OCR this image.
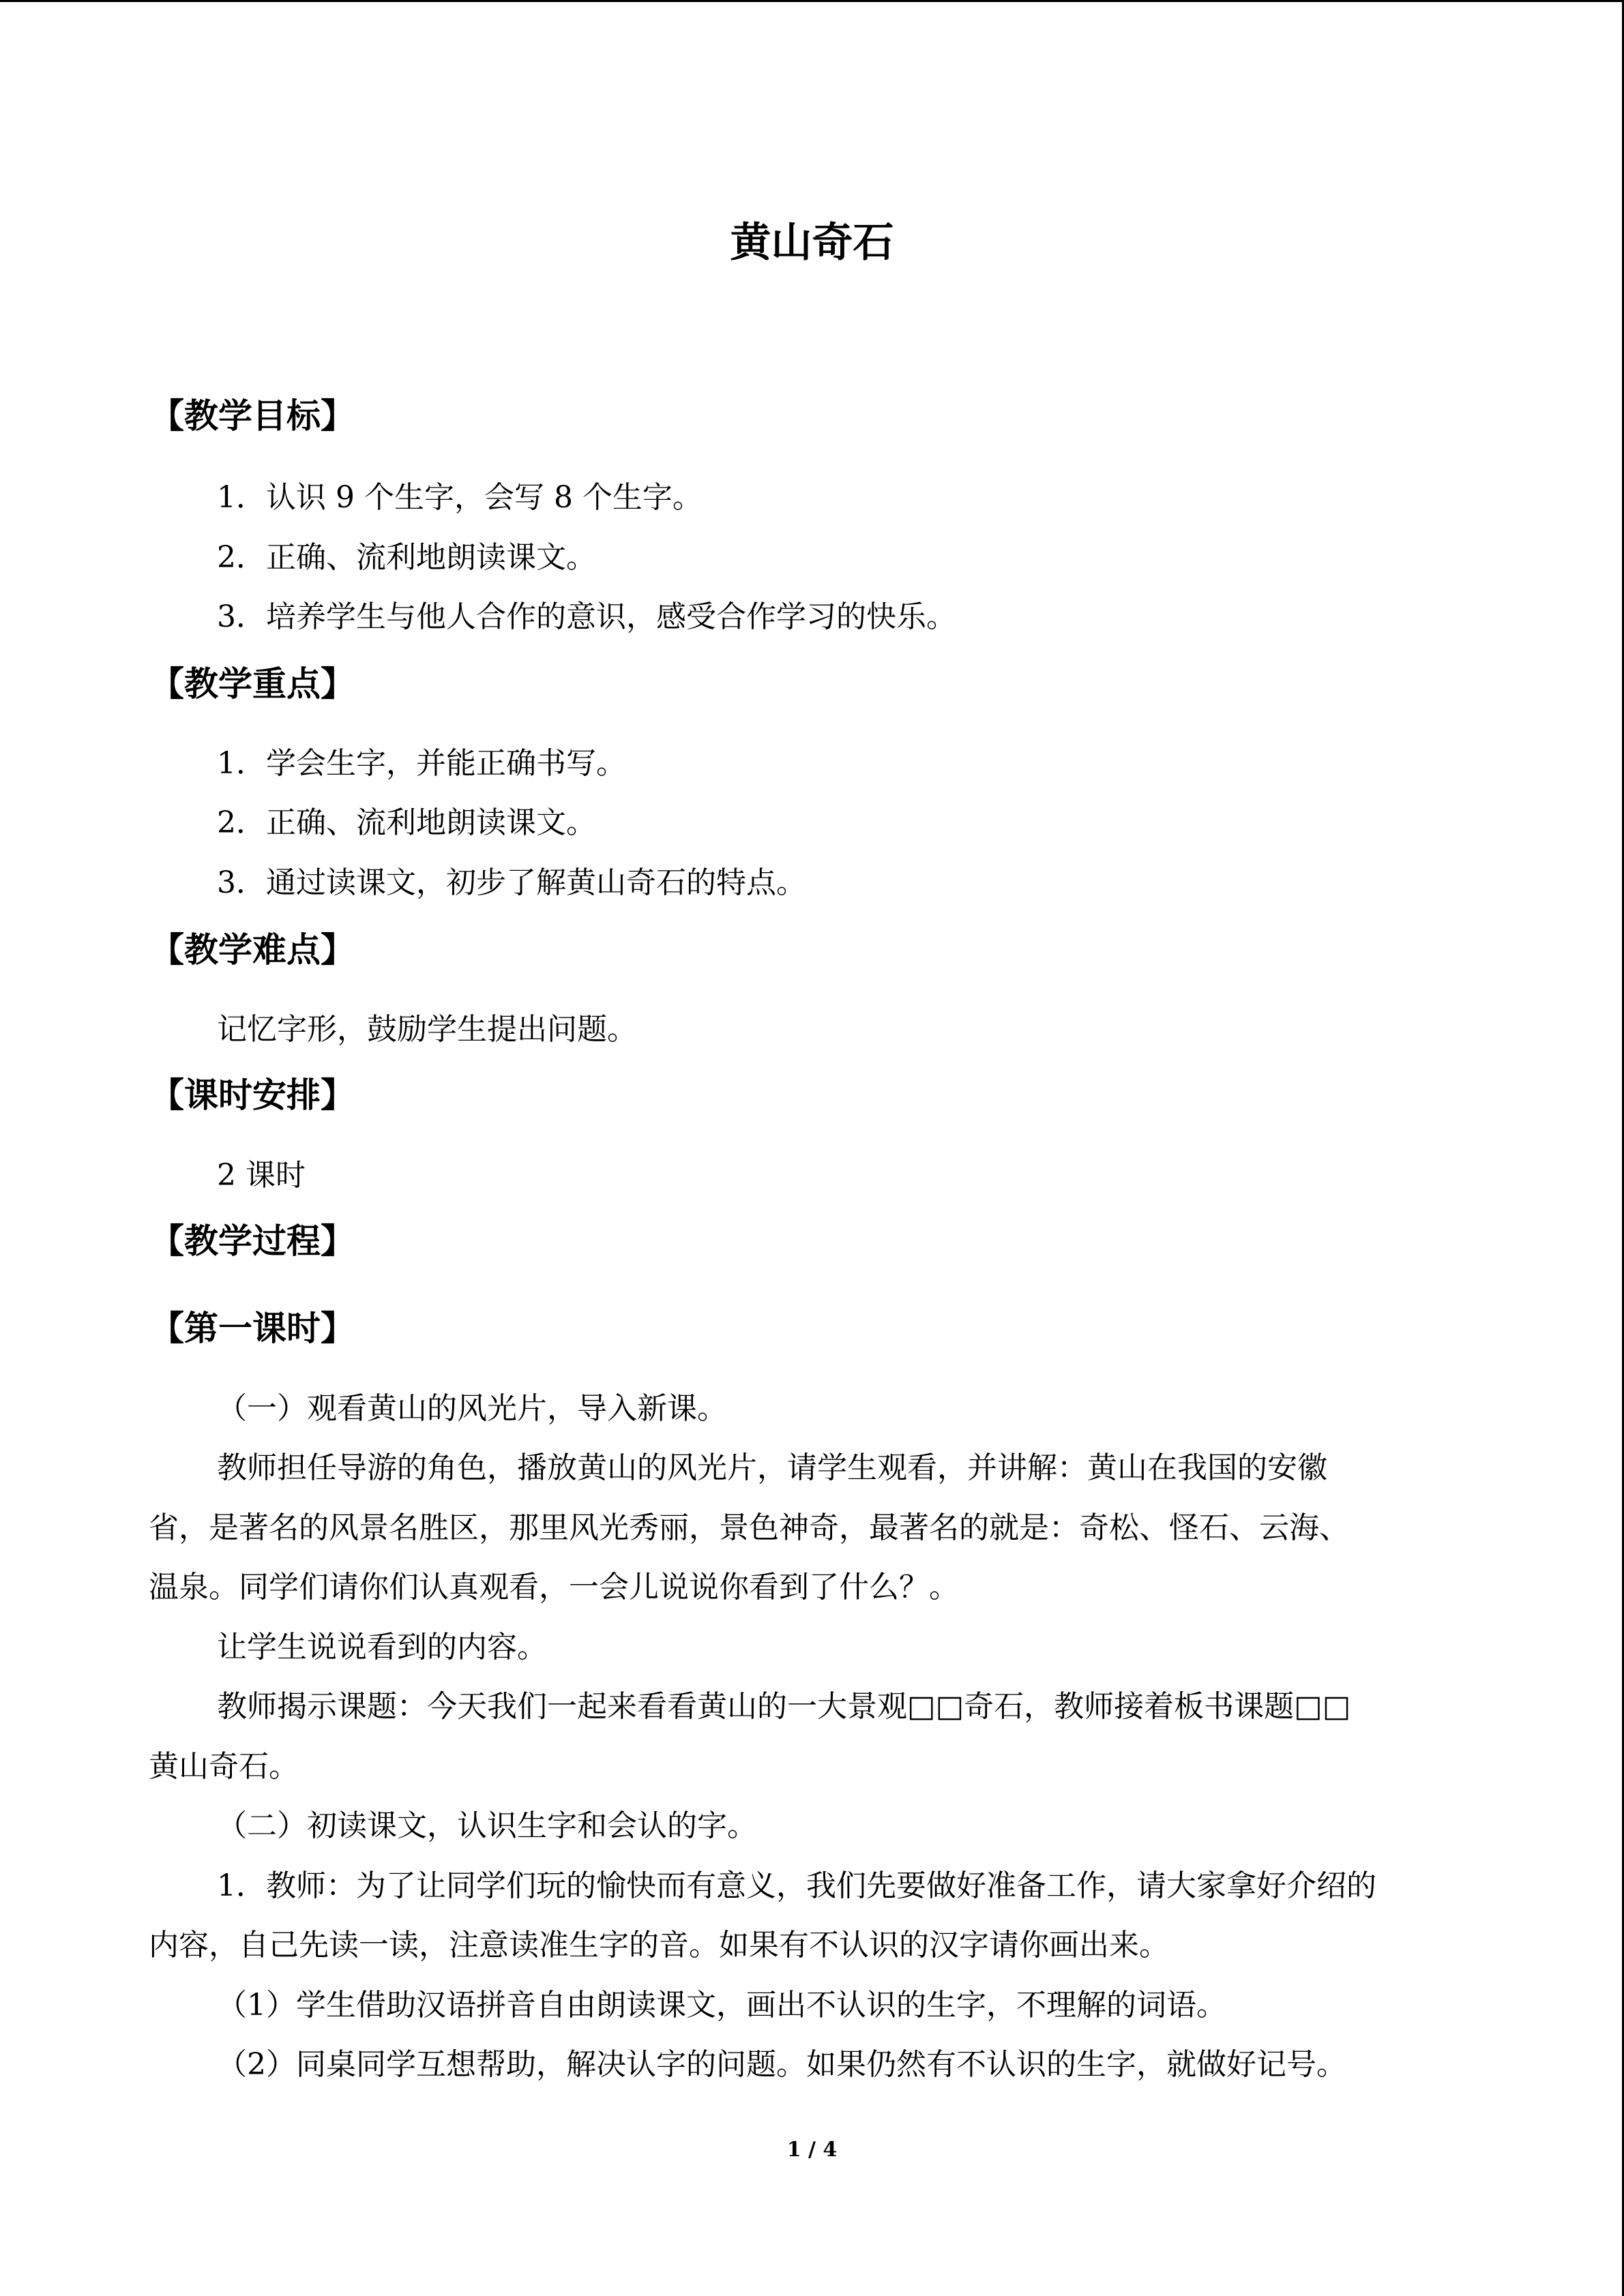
黄山奇石
【教学目标】

1．认识 9 个生字，会写 8 个生字。

2．正确、流利地朗读课文。

3．培养学生与他人合作的意识，感受合作学习的快乐。

【教学重点】

1．学会生字，并能正确书写。

2．正确、流利地朗读课文。

3．通过读课文，初步了解黄山奇石的特点。

【教学难点】

记忆字形，鼓励学生提出问题。

【课时安排】

2 课时

【教学过程】
【第一课时】

（一）观看黄山的风光片，导入新课。

教师担任导游的角色，播放黄山的风光片，请学生观看，并讲解：黄山在我国的安徽

省，是著名的风景名胜区，那里风光秀丽，景色神奇，最著名的就是：奇松、怪石、云海、

温泉。同学们请你们认真观看，一会儿说说你看到了什么？。

让学生说说看到的内容。

教师揭示课题：今天我们一起来看看黄山的一大景观□□奇石，教师接着板书课题□□

黄山奇石。

（二）初读课文，认识生字和会认的字。

1．教师：为了让同学们玩的愉快而有意义，我们先要做好准备工作，请大家拿好介绍的

内容，自己先读一读，注意读准生字的音。如果有不认识的汉字请你画出来。

（1）学生借助汉语拼音自由朗读课文，画出不认识的生字，不理解的词语。

（2）同桌同学互想帮助，解决认字的问题。如果仍然有不认识的生字，就做好记号。

1 / 4
